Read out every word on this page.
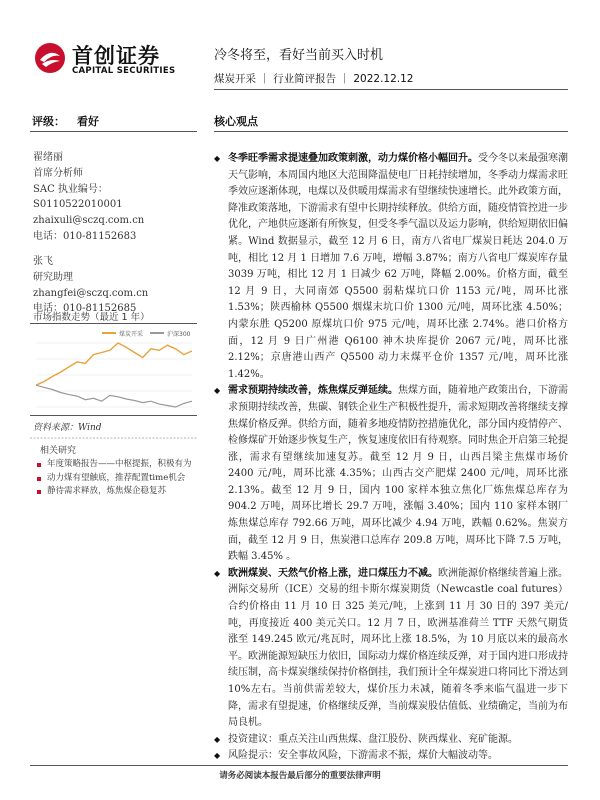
首创证券
CAPITAL SECURITIES
冷冬将至，看好当前买入时机
煤炭开采 ｜ 行业简评报告 ｜ 2022.12.12
评级： 看好	核心观点
翟绪丽
首席分析师
SAC 执业编号：
S0110522010001
zhaixuli@sczq.com.cn
电话：010-81152683
张飞
研究助理
zhangfei@sczq.com.cn
电话：010-81152685
市场指数走势（最近 1 年）
煤炭开采	沪深300
资料来源：Wind
相关研究
年度策略报告——中枢提振，积极有为
动力煤有望触底，推荐配置time机会
静待需求释放，炼焦煤企稳复苏
◆ 冬季旺季需求提速叠加政策刺激，动力煤价格小幅回升。受今冬以来最强寒潮天气影响，本周国内地区大范围降温使电厂日耗持续增加，冬季动力煤需求旺季效应逐渐体现，电煤以及供暖用煤需求有望继续快速增长。此外政策方面，降准政策落地，下游需求有望中长期持续释放。供给方面，随疫情管控进一步优化，产地供应逐渐有所恢复，但受冬季气温以及运力影响，供给短期依旧偏紧。Wind 数据显示，截至 12 月 6 日，南方八省电厂煤炭日耗达 204.0 万吨，相比 12 月 1 日增加 7.6 万吨，增幅 3.87%；南方八省电厂煤炭库存量 3039 万吨，相比 12 月 1 日减少 62 万吨，降幅 2.00%。价格方面，截至 12 月 9 日，大同南郊 Q5500 弱粘煤坑口价 1153 元/吨，周环比涨 1.53%；陕西榆林 Q5500 烟煤末坑口价 1300 元/吨，周环比涨 4.50%；内蒙东胜 Q5200 原煤坑口价 975 元/吨，周环比涨 2.74%。港口价格方面，12 月 9 日广州港 Q6100 神木块库提价 2067 元/吨，周环比涨 2.12%；京唐港山西产 Q5500 动力末煤平仓价 1357 元/吨，周环比涨 1.42%。
◆ 需求预期持续改善，炼焦煤反弹延续。焦煤方面，随着地产政策出台，下游需求预期持续改善，焦碳、钢铁企业生产积极性提升，需求短期改善将继续支撑焦煤价格反弹。供给方面，随着多地疫情防控措施优化，部分国内疫情停产、检修煤矿开始逐步恢复生产，恢复速度依旧有待观察。同时焦企开启第三轮提涨，需求有望继续加速复苏。截至 12 月 9 日，山西吕梁主焦煤市场价 2400 元/吨，周环比涨 4.35%；山西古交产肥煤 2400 元/吨，周环比涨 2.13%。截至 12 月 9 日，国内 100 家样本独立焦化厂炼焦煤总库存为 904.2 万吨，周环比增长 29.7 万吨，涨幅 3.40%；国内 110 家样本钢厂炼焦煤总库存 792.66 万吨，周环比减少 4.94 万吨，跌幅 0.62%。焦炭方面，截至 12 月 9 日，焦炭港口总库存 209.8 万吨，周环比下降 7.5 万吨，跌幅 3.45% 。
◆ 欧洲煤炭、天然气价格上涨，进口煤压力不减。欧洲能源价格继续普遍上涨。洲际交易所（ICE）交易的纽卡斯尔煤炭期货（Newcastle coal futures）合约价格由 11 月 10 日 325 美元/吨，上涨到 11 月 30 日的 397 美元/吨，再度接近 400 美元关口。12 月 7 日，欧洲基准荷兰 TTF 天然气期货涨至 149.245 欧元/兆瓦时，周环比上涨 18.5%，为 10 月底以来的最高水平。欧洲能源短缺压力依旧，国际动力煤价格连续反弹，对于国内进口形成持续压制，高卡煤炭继续保持价格倒挂，我们预计全年煤炭进口将同比下滑达到 10%左右。当前供需差较大，煤价压力未减，随着冬季来临气温进一步下降，需求有望提速，价格继续反弹，当前煤炭股估值低、业绩确定，当前为布局良机。
◆ 投资建议：重点关注山西焦煤、盘江股份、陕西煤业、兖矿能源。
◆ 风险提示：安全事故风险，下游需求不振，煤价大幅波动等。
请务必阅读本报告最后部分的重要法律声明
